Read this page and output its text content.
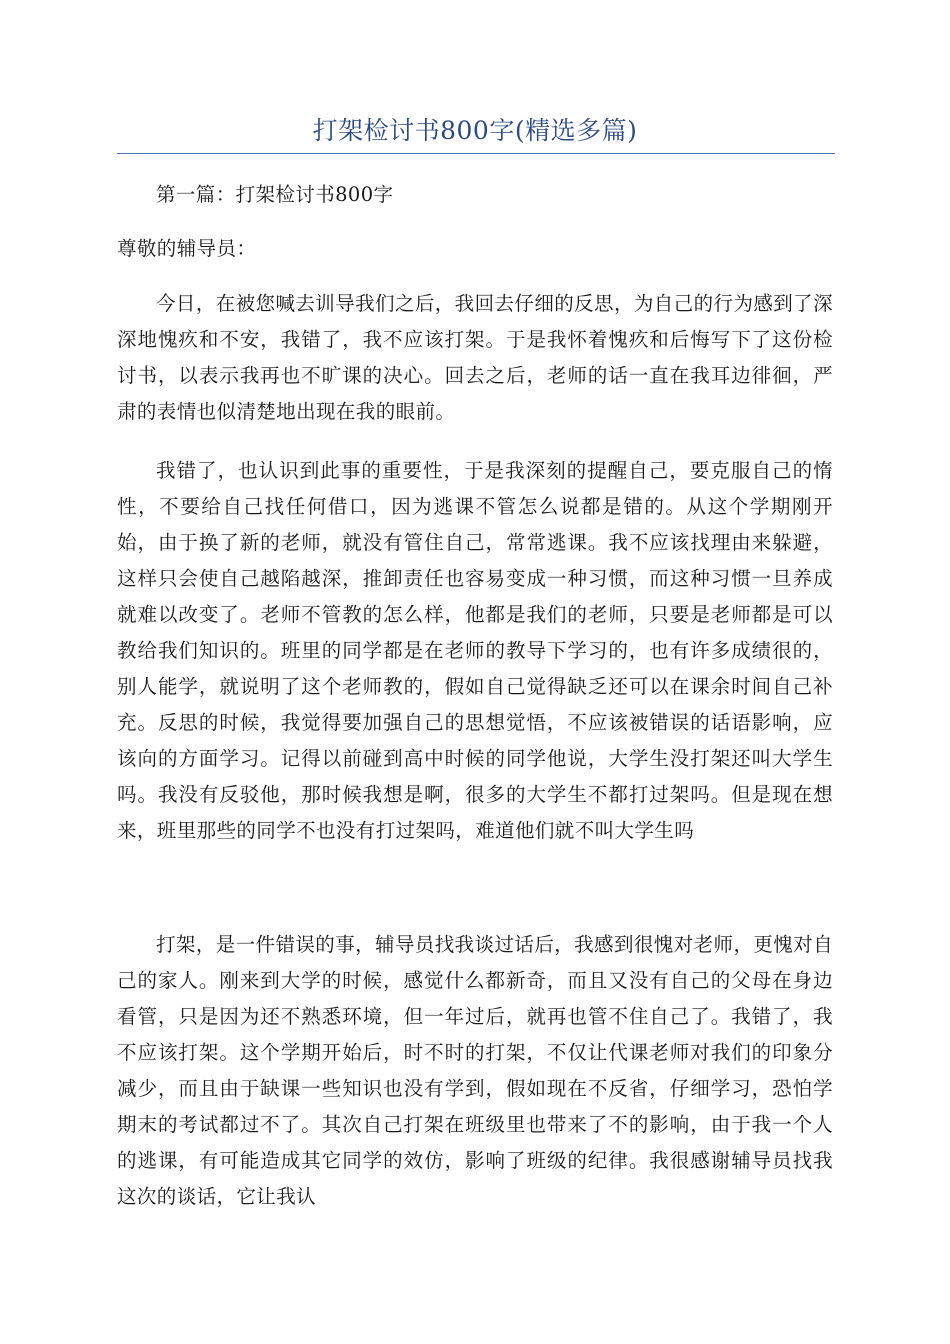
打架检讨书800字(精选多篇)

第一篇：打架检讨书800字

尊敬的辅导员：

今日，在被您喊去训导我们之后，我回去仔细的反思，为自己的行为感到了深深地愧疚和不安，我错了，我不应该打架。于是我怀着愧疚和后悔写下了这份检讨书，以表示我再也不旷课的决心。回去之后，老师的话一直在我耳边徘徊，严肃的表情也似清楚地出现在我的眼前。

我错了，也认识到此事的重要性，于是我深刻的提醒自己，要克服自己的惰性，不要给自己找任何借口，因为逃课不管怎么说都是错的。从这个学期刚开始，由于换了新的老师，就没有管住自己，常常逃课。我不应该找理由来躲避，这样只会使自己越陷越深，推卸责任也容易变成一种习惯，而这种习惯一旦养成就难以改变了。老师不管教的怎么样，他都是我们的老师，只要是老师都是可以教给我们知识的。班里的同学都是在老师的教导下学习的，也有许多成绩很的，别人能学，就说明了这个老师教的，假如自己觉得缺乏还可以在课余时间自己补充。反思的时候，我觉得要加强自己的思想觉悟，不应该被错误的话语影响，应该向的方面学习。记得以前碰到高中时候的同学他说，大学生没打架还叫大学生吗。我没有反驳他，那时候我想是啊，很多的大学生不都打过架吗。但是现在想来，班里那些的同学不也没有打过架吗，难道他们就不叫大学生吗

打架，是一件错误的事，辅导员找我谈过话后，我感到很愧对老师，更愧对自己的家人。刚来到大学的时候，感觉什么都新奇，而且又没有自己的父母在身边看管，只是因为还不熟悉环境，但一年过后，就再也管不住自己了。我错了，我不应该打架。这个学期开始后，时不时的打架，不仅让代课老师对我们的印象分减少，而且由于缺课一些知识也没有学到，假如现在不反省，仔细学习，恐怕学期末的考试都过不了。其次自己打架在班级里也带来了不的影响，由于我一个人的逃课，有可能造成其它同学的效仿，影响了班级的纪律。我很感谢辅导员找我这次的谈话，它让我认
